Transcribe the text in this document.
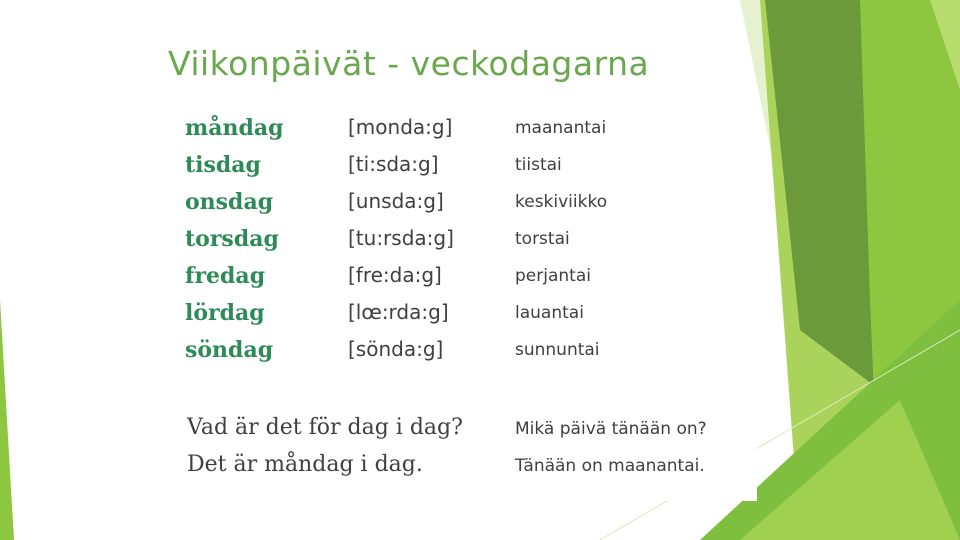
Viikonpäivät - veckodagarna
måndag	[monda:g]	maanantai
tisdag	[ti:sda:g]	tiistai
onsdag	[unsda:g]	keskiviikko
torsdag	[tu:rsda:g]	torstai
fredag	[fre:da:g]	perjantai
lördag	[lœ:rda:g]	lauantai
söndag	[sönda:g]	sunnuntai
Vad är det för dag i dag?	Mikä päivä tänään on?
Det är måndag i dag.	Tänään on maanantai.
